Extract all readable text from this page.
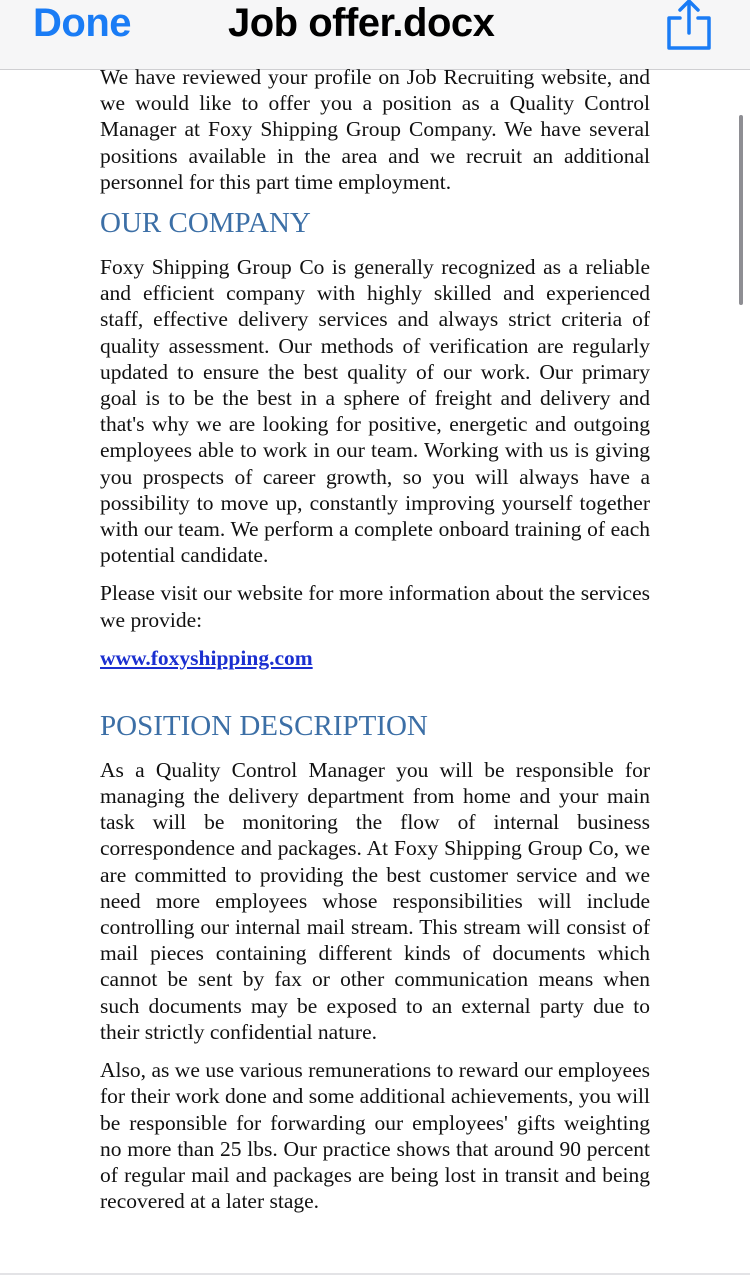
Done Job offer.docx

We have reviewed your profile on Job Recruiting website, and we would like to offer you a position as a Quality Control Manager at Foxy Shipping Group Company. We have several positions available in the area and we recruit an additional personnel for this part time employment.

OUR COMPANY

Foxy Shipping Group Co is generally recognized as a reliable and efficient company with highly skilled and experienced staff, effective delivery services and always strict criteria of quality assessment. Our methods of verification are regularly updated to ensure the best quality of our work. Our primary goal is to be the best in a sphere of freight and delivery and that's why we are looking for positive, energetic and outgoing employees able to work in our team. Working with us is giving you prospects of career growth, so you will always have a possibility to move up, constantly improving yourself together with our team. We perform a complete onboard training of each potential candidate.

Please visit our website for more information about the services we provide:

www.foxyshipping.com
POSITION DESCRIPTION

As a Quality Control Manager you will be responsible for managing the delivery department from home and your main task will be monitoring the flow of internal business correspondence and packages. At Foxy Shipping Group Co, we are committed to providing the best customer service and we need more employees whose responsibilities will include controlling our internal mail stream. This stream will consist of mail pieces containing different kinds of documents which cannot be sent by fax or other communication means when such documents may be exposed to an external party due to their strictly confidential nature.

Also, as we use various remunerations to reward our employees for their work done and some additional achievements, you will be responsible for forwarding our employees' gifts weighting no more than 25 lbs. Our practice shows that around 90 percent of regular mail and packages are being lost in transit and being recovered at a later stage.
